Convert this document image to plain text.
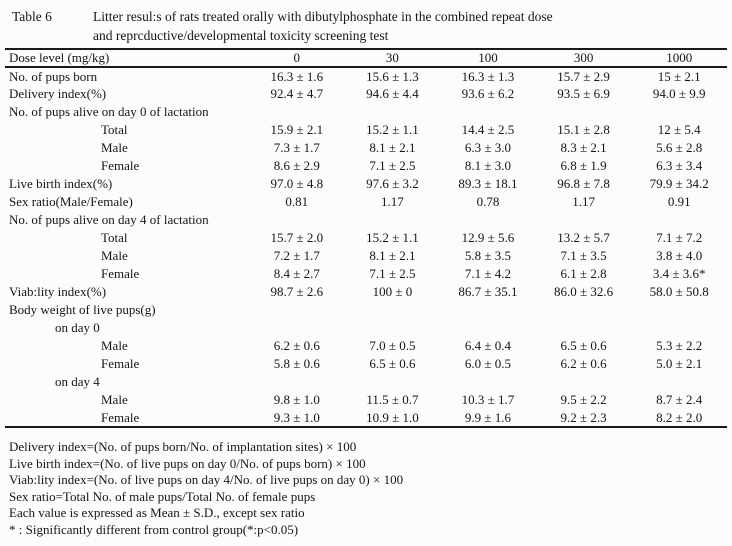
Table 6	Litter resul:s of rats treated orally with dibutylphosphate in the combined repeat dose
and reprcductive/developmental toxicity screening test
Dose level (mg/kg)	0	30	100	300	1000
No. of pups born	16.3 ± 1.6	15.6 ± 1.3	16.3 ± 1.3	15.7 ± 2.9	15 ± 2.1
Delivery index(%)	92.4 ± 4.7	94.6 ± 4.4	93.6 ± 6.2	93.5 ± 6.9	94.0 ± 9.9
No. of pups alive on day 0 of lactation					
Total	15.9 ± 2.1	15.2 ± 1.1	14.4 ± 2.5	15.1 ± 2.8	12 ± 5.4
Male	7.3 ± 1.7	8.1 ± 2.1	6.3 ± 3.0	8.3 ± 2.1	5.6 ± 2.8
Female	8.6 ± 2.9	7.1 ± 2.5	8.1 ± 3.0	6.8 ± 1.9	6.3 ± 3.4
Live birth index(%)	97.0 ± 4.8	97.6 ± 3.2	89.3 ± 18.1	96.8 ± 7.8	79.9 ± 34.2
Sex ratio(Male/Female)	0.81	1.17	0.78	1.17	0.91
No. of pups alive on day 4 of lactation					
Total	15.7 ± 2.0	15.2 ± 1.1	12.9 ± 5.6	13.2 ± 5.7	7.1 ± 7.2
Male	7.2 ± 1.7	8.1 ± 2.1	5.8 ± 3.5	7.1 ± 3.5	3.8 ± 4.0
Female	8.4 ± 2.7	7.1 ± 2.5	7.1 ± 4.2	6.1 ± 2.8	3.4 ± 3.6*
Viab:lity index(%)	98.7 ± 2.6	100 ± 0	86.7 ± 35.1	86.0 ± 32.6	58.0 ± 50.8
Body weight of live pups(g)					
on day 0					
Male	6.2 ± 0.6	7.0 ± 0.5	6.4 ± 0.4	6.5 ± 0.6	5.3 ± 2.2
Female	5.8 ± 0.6	6.5 ± 0.6	6.0 ± 0.5	6.2 ± 0.6	5.0 ± 2.1
on day 4					
Male	9.8 ± 1.0	11.5 ± 0.7	10.3 ± 1.7	9.5 ± 2.2	8.7 ± 2.4
Female	9.3 ± 1.0	10.9 ± 1.0	9.9 ± 1.6	9.2 ± 2.3	8.2 ± 2.0
Delivery index=(No. of pups born/No. of implantation sites) × 100
Live birth index=(No. of live pups on day 0/No. of pups born) × 100
Viab:lity index=(No. of live pups on day 4/No. of live pups on day 0) × 100
Sex ratio=Total No. of male pups/Total No. of female pups
Each value is expressed as Mean ± S.D., except sex ratio
* : Significantly different from control group(*:p<0.05)
